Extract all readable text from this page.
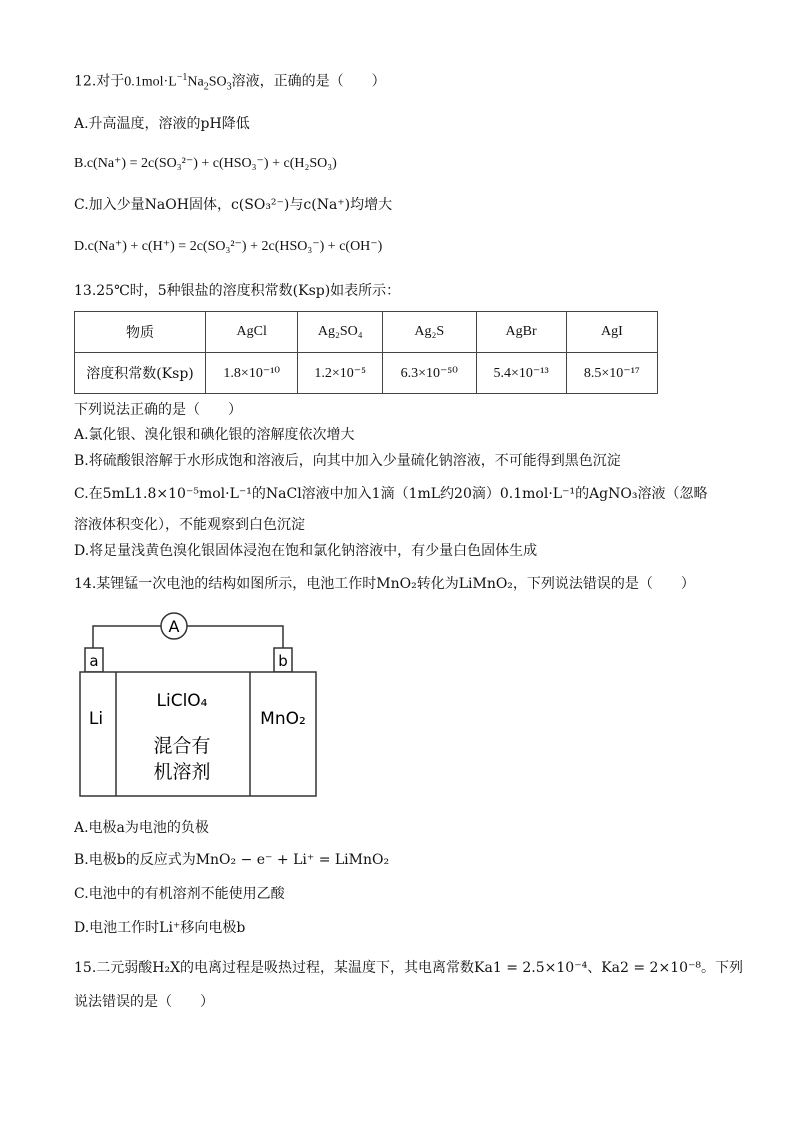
12.对于$0.1mol\cdot L^{-1}Na_2SO_3$溶液，正确的是（　　）
A.升高温度，溶液的pH降低
B.c(Na⁺) = 2c(SO₃²⁻) + c(HSO₃⁻) + c(H₂SO₃)
C.加入少量NaOH固体，c(SO₃²⁻)与c(Na⁺)均增大
D.c(Na⁺) + c(H⁺) = 2c(SO₃²⁻) + 2c(HSO₃⁻) + c(OH⁻)
13.25℃时，5种银盐的溶度积常数(Ksp)如表所示：
物质	AgCl	Ag₂SO₄	Ag₂S	AgBr	AgI
溶度积常数(Ksp)	1.8×10⁻¹⁰	1.2×10⁻⁵	6.3×10⁻⁵⁰	5.4×10⁻¹³	8.5×10⁻¹⁷
下列说法正确的是（　　）
A.氯化银、溴化银和碘化银的溶解度依次增大
B.将硫酸银溶解于水形成饱和溶液后，向其中加入少量硫化钠溶液，不可能得到黑色沉淀
C.在5mL1.8×10⁻⁵mol·L⁻¹的NaCl溶液中加入1滴（1mL约20滴）0.1mol·L⁻¹的AgNO₃溶液（忽略
溶液体积变化），不能观察到白色沉淀
D.将足量浅黄色溴化银固体浸泡在饱和氯化钠溶液中，有少量白色固体生成
14.某锂锰一次电池的结构如图所示，电池工作时MnO₂转化为LiMnO₂，下列说法错误的是（　　）
A
a	b
Li
LiClO₄
混合有
机溶剂
MnO₂
A.电极a为电池的负极
B.电极b的反应式为MnO₂ − e⁻ + Li⁺ = LiMnO₂
C.电池中的有机溶剂不能使用乙酸
D.电池工作时Li⁺移向电极b
15.二元弱酸H₂X的电离过程是吸热过程，某温度下，其电离常数Ka1 = 2.5×10⁻⁴、Ka2 = 2×10⁻⁸。下列
说法错误的是（　　）
